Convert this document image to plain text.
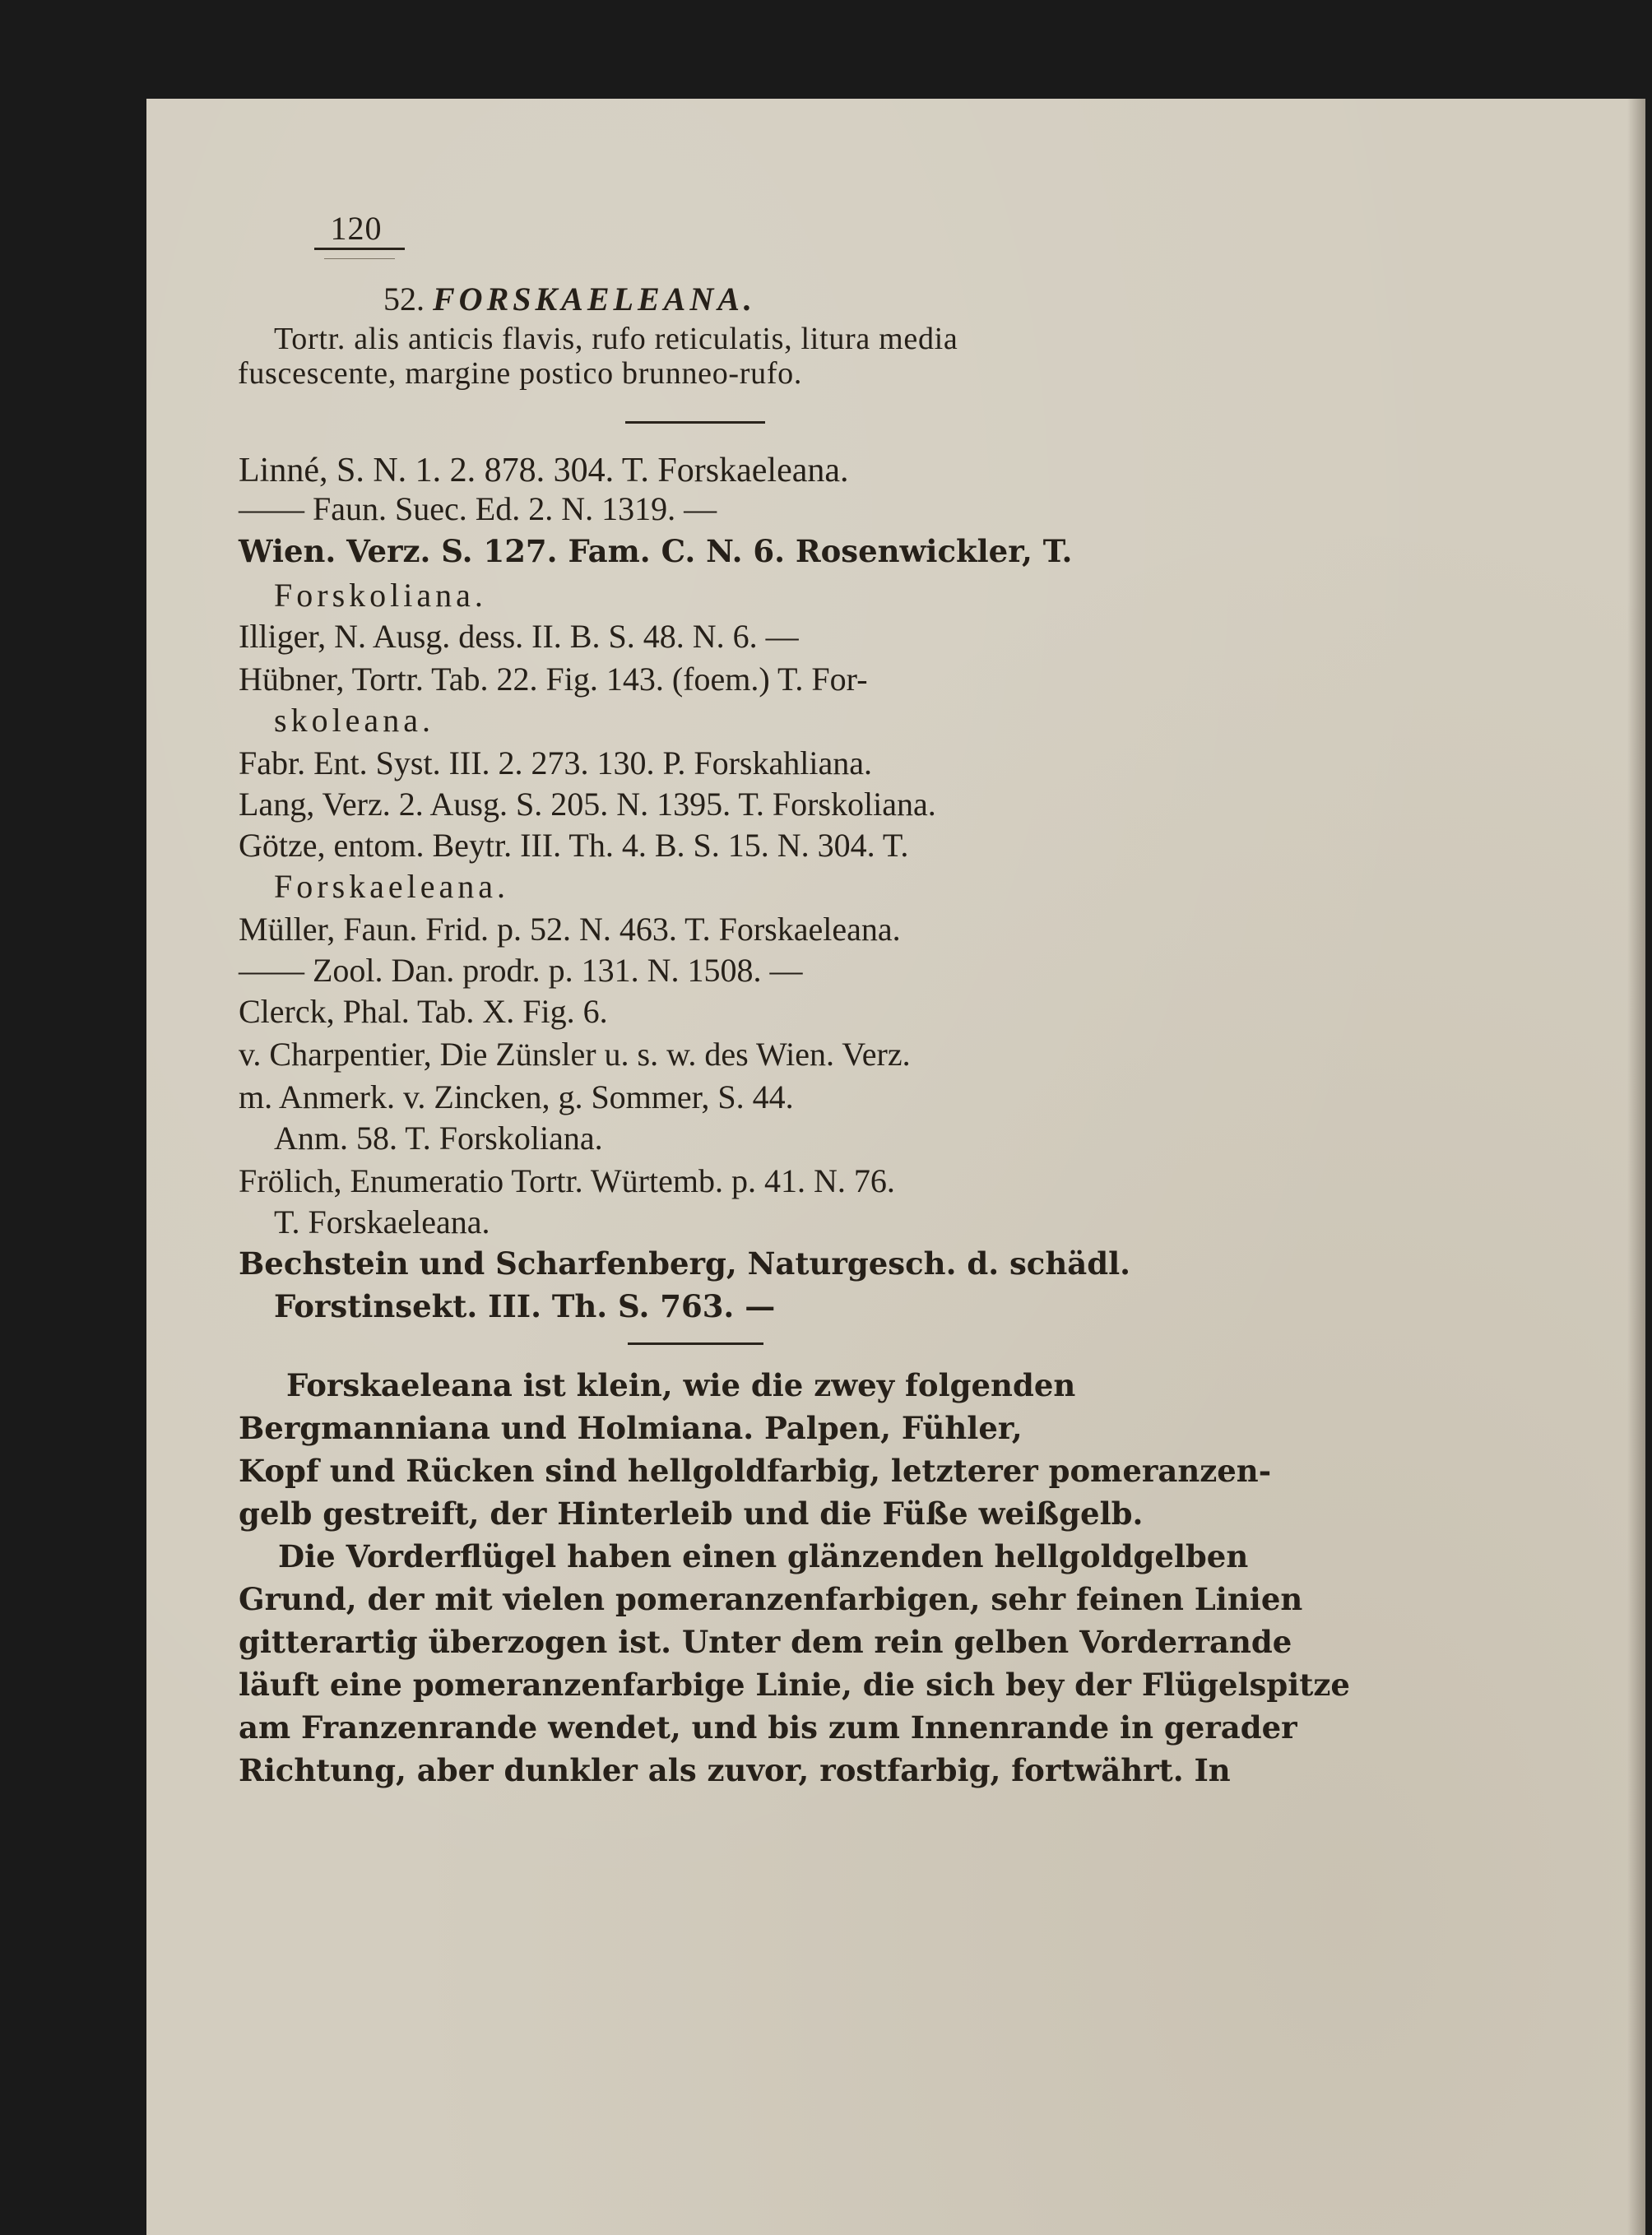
120
52. FORSKAELEANA.
Tortr. alis anticis flavis, rufo reticulatis, litura media
fuscescente, margine postico brunneo-rufo.
Linné, S. N. 1. 2. 878. 304. T. Forskaeleana.
—— Faun. Suec. Ed. 2. N. 1319. —
Wien. Verz. S. 127. Fam. C. N. 6. Rosenwickler, T.
Forskoliana.
Illiger, N. Ausg. dess. II. B. S. 48. N. 6. —
Hübner, Tortr. Tab. 22. Fig. 143. (foem.) T. For-
skoleana.
Fabr. Ent. Syst. III. 2. 273. 130. P. Forskahliana.
Lang, Verz. 2. Ausg. S. 205. N. 1395. T. Forskoliana.
Götze, entom. Beytr. III. Th. 4. B. S. 15. N. 304. T.
Forskaeleana.
Müller, Faun. Frid. p. 52. N. 463. T. Forskaeleana.
—— Zool. Dan. prodr. p. 131. N. 1508. —
Clerck, Phal. Tab. X. Fig. 6.
v. Charpentier, Die Zünsler u. s. w. des Wien. Verz.
m. Anmerk. v. Zincken, g. Sommer, S. 44.
Anm. 58. T. Forskoliana.
Frölich, Enumeratio Tortr. Würtemb. p. 41. N. 76.
T. Forskaeleana.
Bechstein und Scharfenberg, Naturgesch. d. schädl.
Forstinsekt. III. Th. S. 763. —
Forskaeleana ist klein, wie die zwey folgenden
Bergmanniana und Holmiana. Palpen, Fühler,
Kopf und Rücken sind hellgoldfarbig, letzterer pomeranzen-
gelb gestreift, der Hinterleib und die Füße weißgelb.
Die Vorderflügel haben einen glänzenden hellgoldgelben
Grund, der mit vielen pomeranzenfarbigen, sehr feinen Linien
gitterartig überzogen ist. Unter dem rein gelben Vorderrande
läuft eine pomeranzenfarbige Linie, die sich bey der Flügelspitze
am Franzenrande wendet, und bis zum Innenrande in gerader
Richtung, aber dunkler als zuvor, rostfarbig, fortwährt. In
